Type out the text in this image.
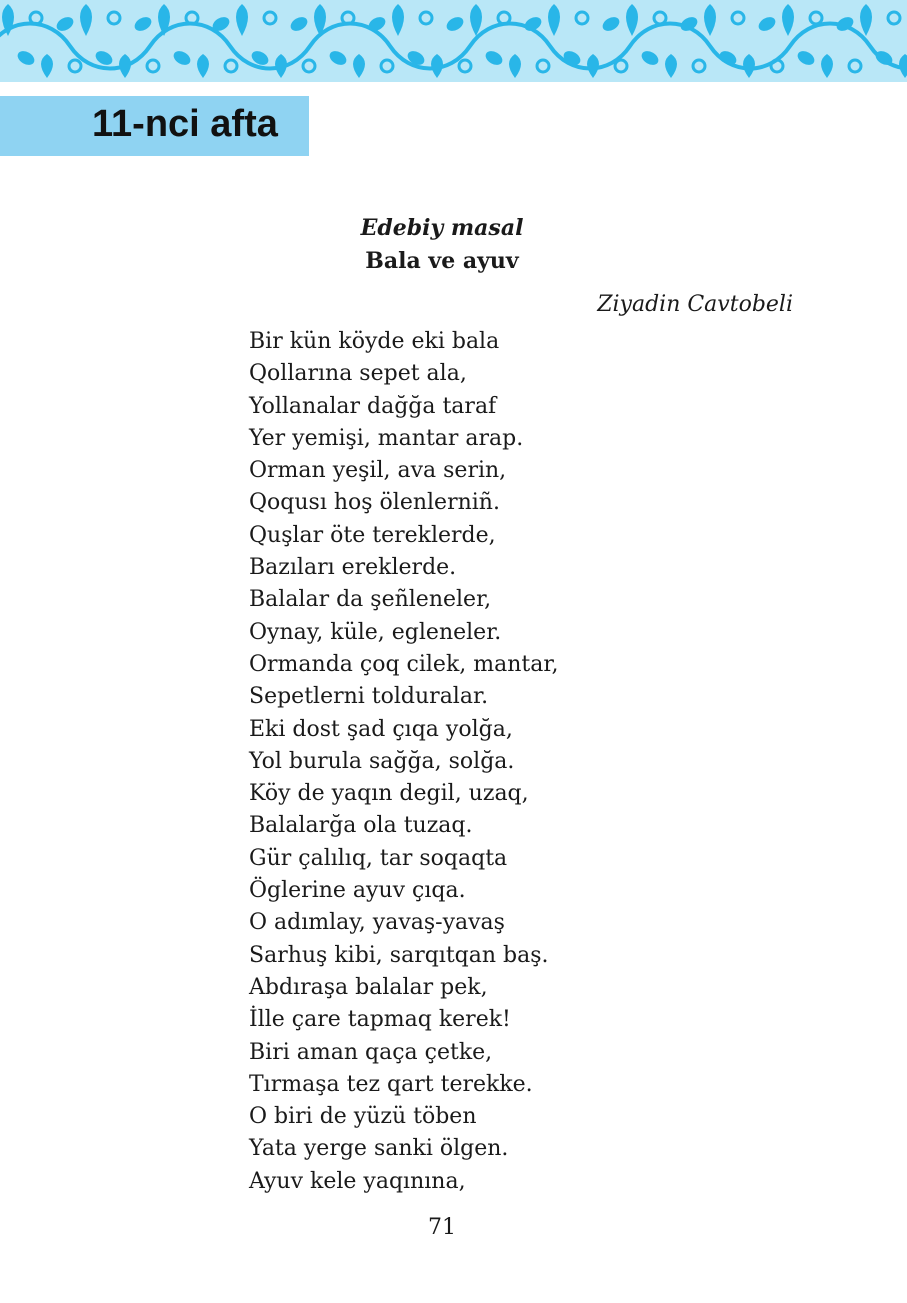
11-nci afta
Edebiy masal
Bala ve ayuv
Ziyadin Cavtobeli
Bir kün köyde eki bala
Qollarına sepet ala,
Yollanalar dağğa taraf
Yer yemişi, mantar arap.
Orman yeşil, ava serin,
Qoqusı hoş ölenlerniñ.
Quşlar öte tereklerde,
Bazıları ereklerde.
Balalar da şeñleneler,
Oynay, küle, egleneler.
Ormanda çoq cilek, mantar,
Sepetlerni tolduralar.
Eki dost şad çıqa yolğa,
Yol burula sağğa, solğa.
Köy de yaqın degil, uzaq,
Balalarğa ola tuzaq.
Gür çalılıq, tar soqaqta
Öglerine ayuv çıqa.
O adımlay, yavaş-yavaş
Sarhuş kibi, sarqıtqan baş.
Abdıraşa balalar pek,
İlle çare tapmaq kerek!
Biri aman qaça çetke,
Tırmaşa tez qart terekke.
O biri de yüzü töben
Yata yerge sanki ölgen.
Ayuv kele yaqınına,
71
